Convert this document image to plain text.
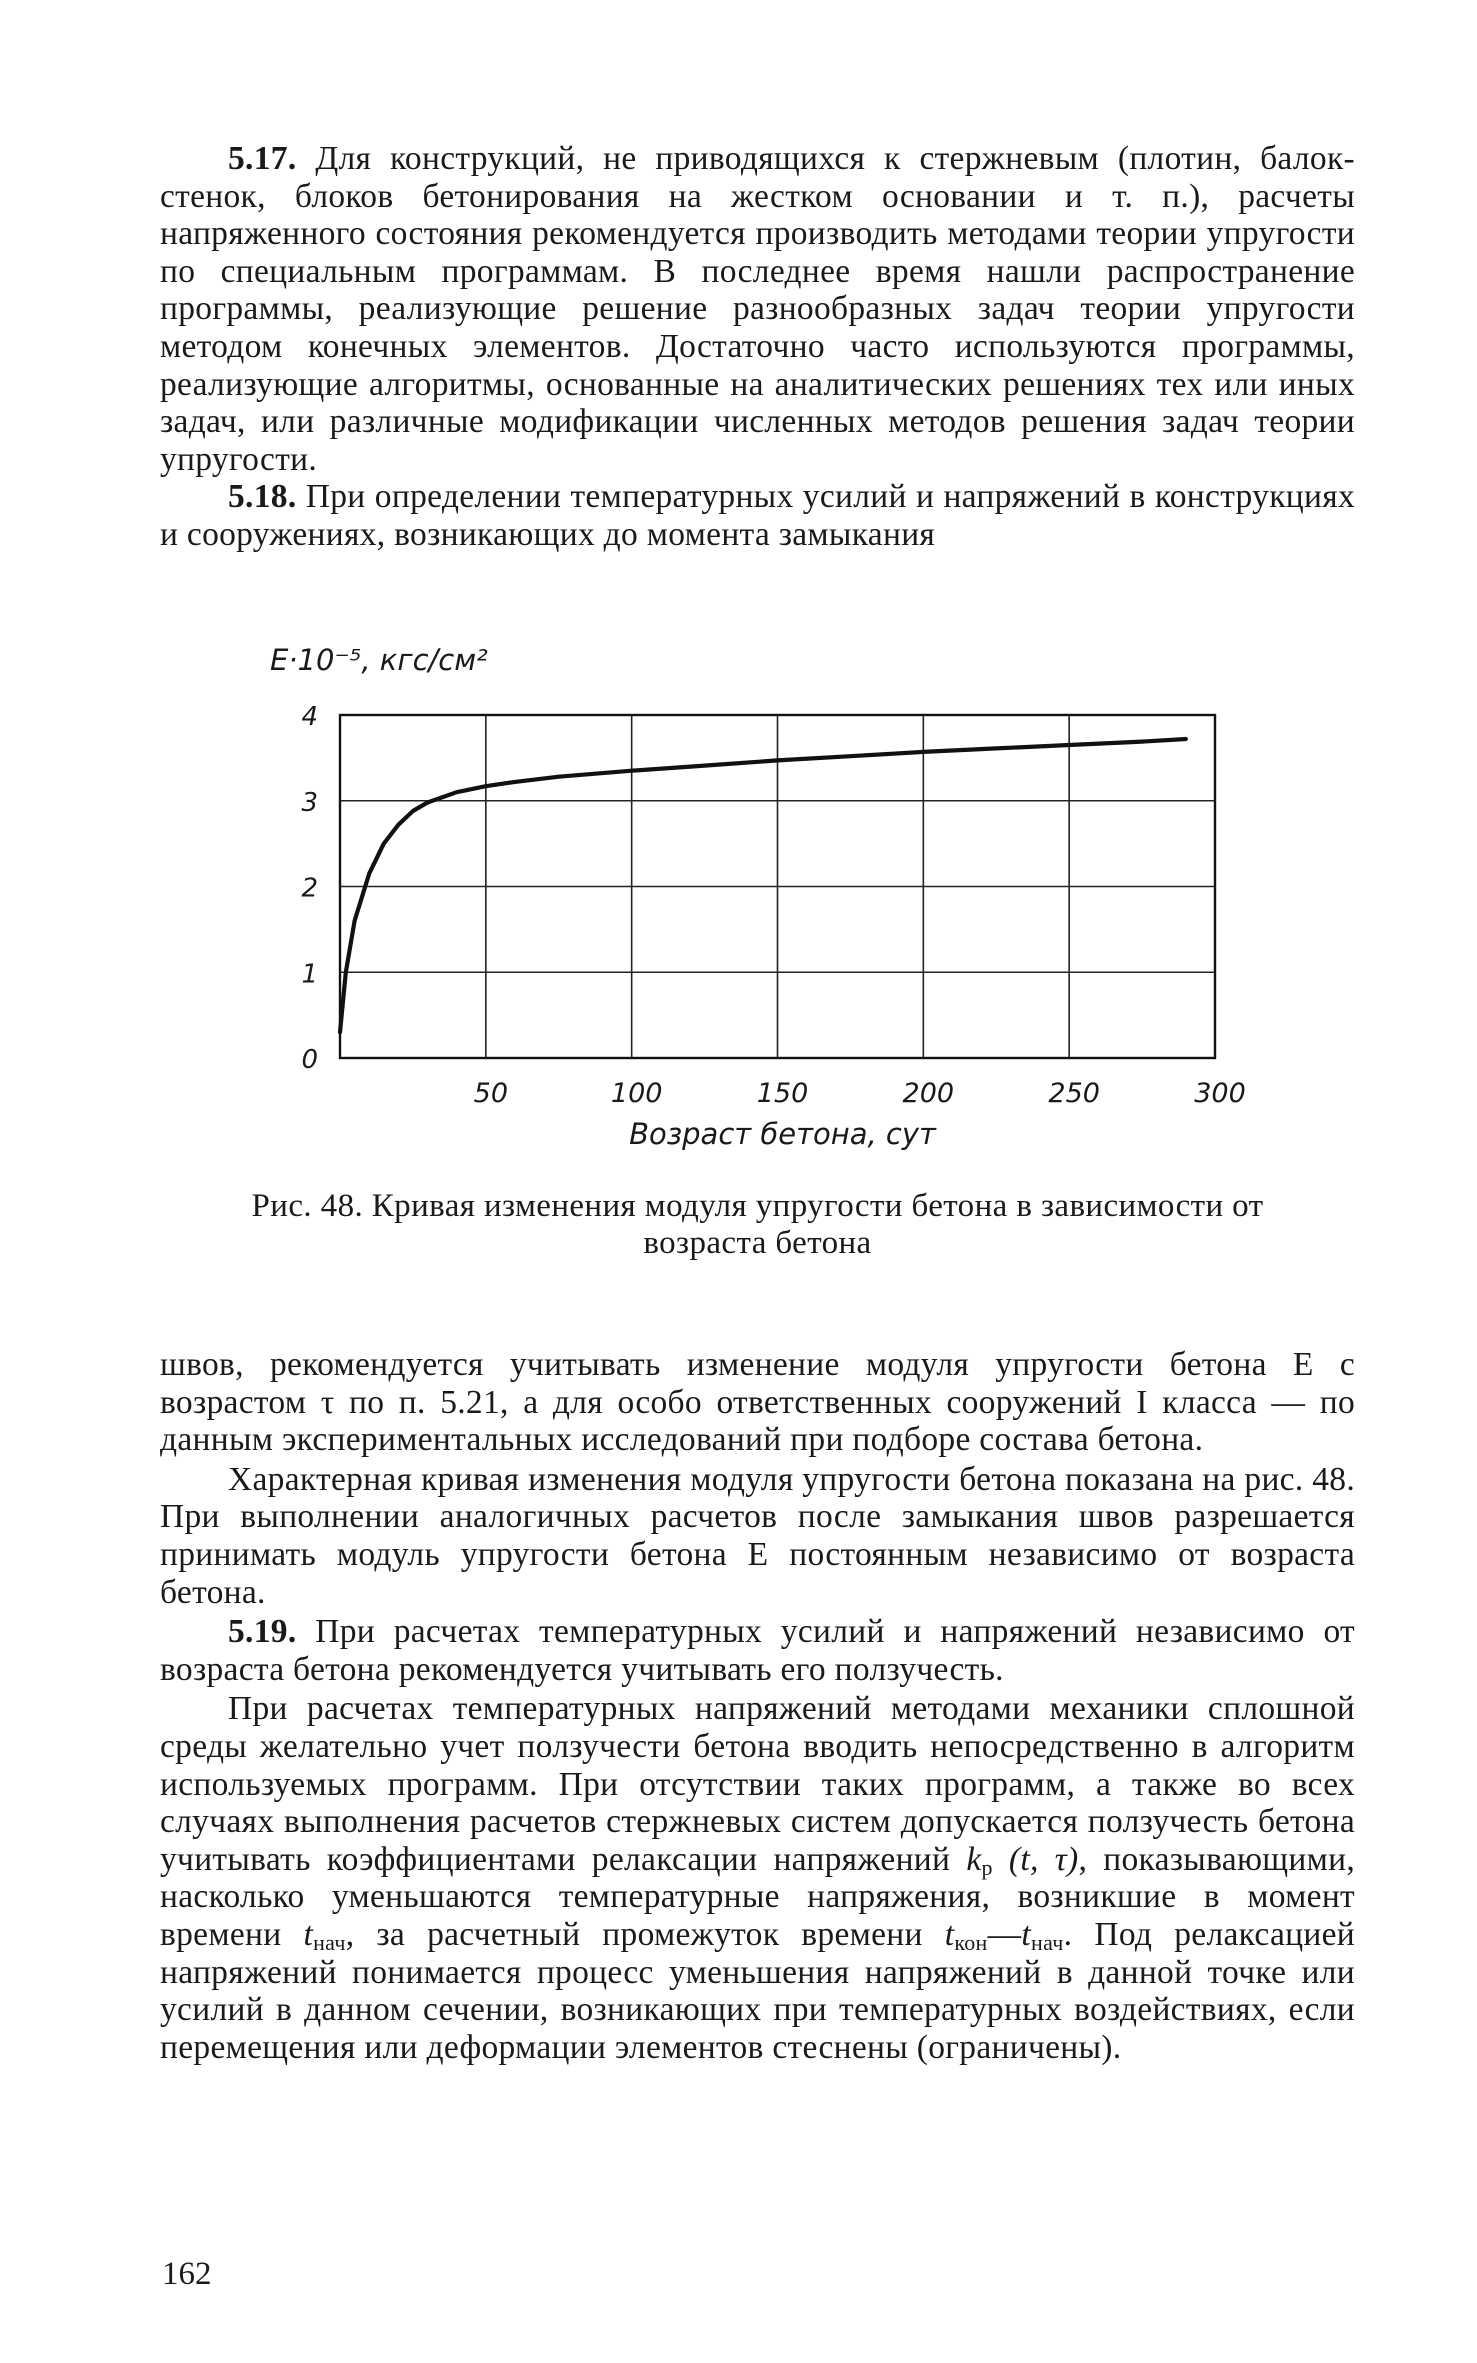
5.17. Для конструкций, не приводящихся к стержневым (плотин, балок-стенок, блоков бетонирования на жестком основании и т. п.), расчеты напряженного состояния рекомендуется производить методами теории упругости по специальным программам. В последнее время нашли распространение программы, реализующие решение разнообразных задач теории упругости методом конечных элементов. Достаточно часто используются программы, реализующие алгоритмы, основанные на аналитических решениях тех или иных задач, или различные модификации численных методов решения задач теории упругости.

5.18. При определении температурных усилий и напряжений в конструкциях и сооружениях, возникающих до момента замыкания

0
1
2
3
4
50	100	150	200	250	300
E·10⁻⁵, кгс/см²
Возраст бетона, сут

Рис. 48. Кривая изменения модуля упругости бетона в зависимости от возраста бетона

швов, рекомендуется учитывать изменение модуля упругости бетона E с возрастом τ по п. 5.21, а для особо ответственных сооружений I класса — по данным экспериментальных исследований при подборе состава бетона.

Характерная кривая изменения модуля упругости бетона показана на рис. 48. При выполнении аналогичных расчетов после замыкания швов разрешается принимать модуль упругости бетона E постоянным независимо от возраста бетона.

5.19. При расчетах температурных усилий и напряжений независимо от возраста бетона рекомендуется учитывать его ползучесть.

При расчетах температурных напряжений методами механики сплошной среды желательно учет ползучести бетона вводить непосредственно в алгоритм используемых программ. При отсутствии таких программ, а также во всех случаях выполнения расчетов стержневых систем допускается ползучесть бетона учитывать коэффициентами релаксации напряжений $k_р$ (t, τ), показывающими, насколько уменьшаются температурные напряжения, возникшие в момент времени $t_{нач}$, за расчетный промежуток времени $t_{кон}—t_{нач}$. Под релаксацией напряжений понимается процесс уменьшения напряжений в данной точке или усилий в данном сечении, возникающих при температурных воздействиях, если перемещения или деформации элементов стеснены (ограничены).

162
